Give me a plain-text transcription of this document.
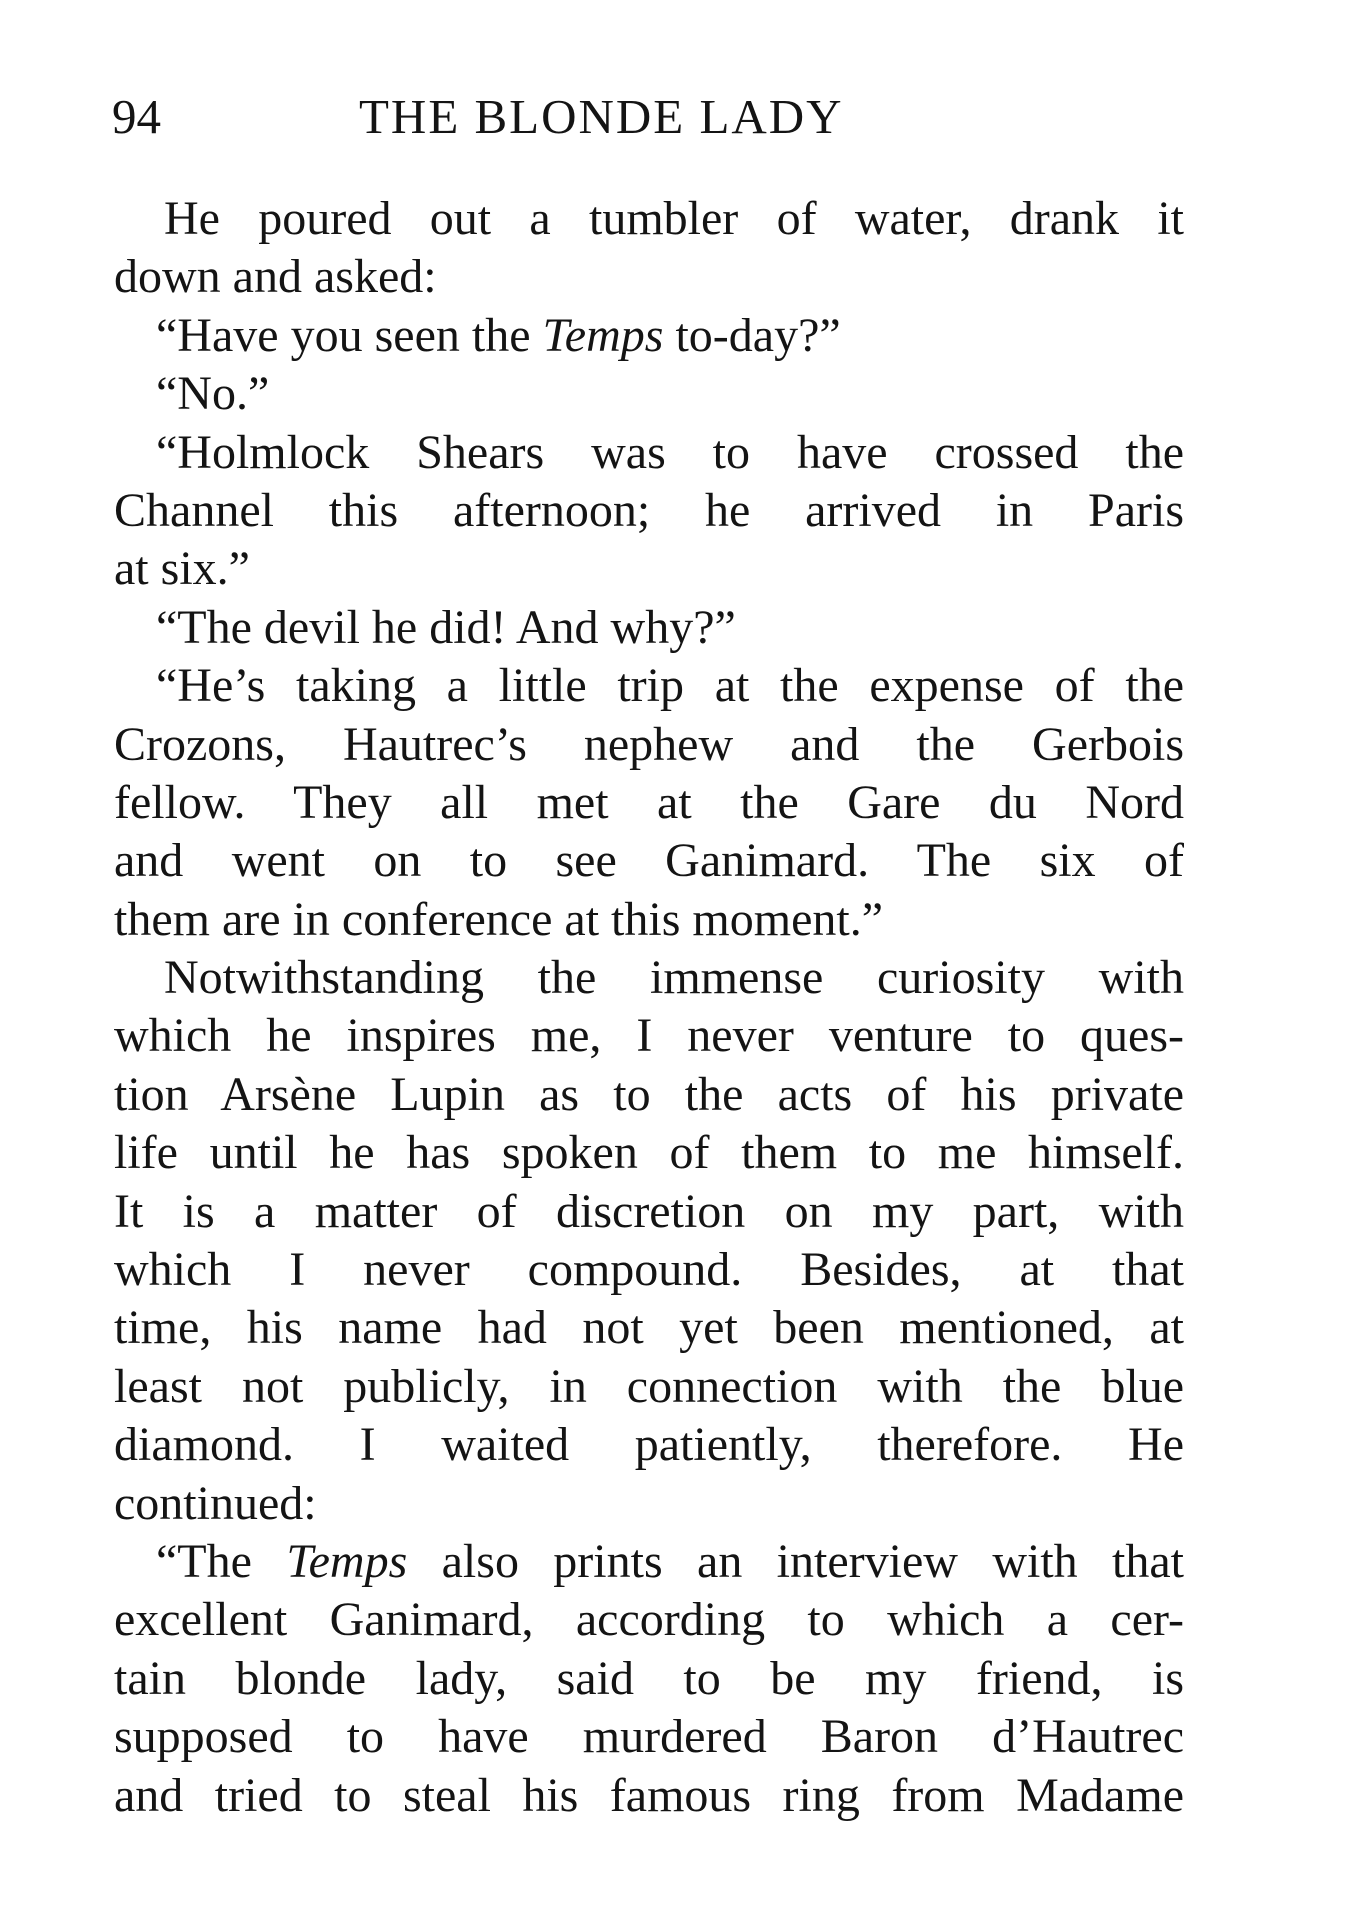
94	THE BLONDE LADY
He poured out a tumbler of water, drank it
down and asked:
“Have you seen the Temps to-day?”
“No.”
“Holmlock Shears was to have crossed the
Channel this afternoon; he arrived in Paris
at six.”
“The devil he did! And why?”
“He’s taking a little trip at the expense of the
Crozons, Hautrec’s nephew and the Gerbois
fellow. They all met at the Gare du Nord
and went on to see Ganimard. The six of
them are in conference at this moment.”
Notwithstanding the immense curiosity with
which he inspires me, I never venture to ques-
tion Arsène Lupin as to the acts of his private
life until he has spoken of them to me himself.
It is a matter of discretion on my part, with
which I never compound. Besides, at that
time, his name had not yet been mentioned, at
least not publicly, in connection with the blue
diamond. I waited patiently, therefore. He
continued:
“The Temps also prints an interview with that
excellent Ganimard, according to which a cer-
tain blonde lady, said to be my friend, is
supposed to have murdered Baron d’Hautrec
and tried to steal his famous ring from Madame
